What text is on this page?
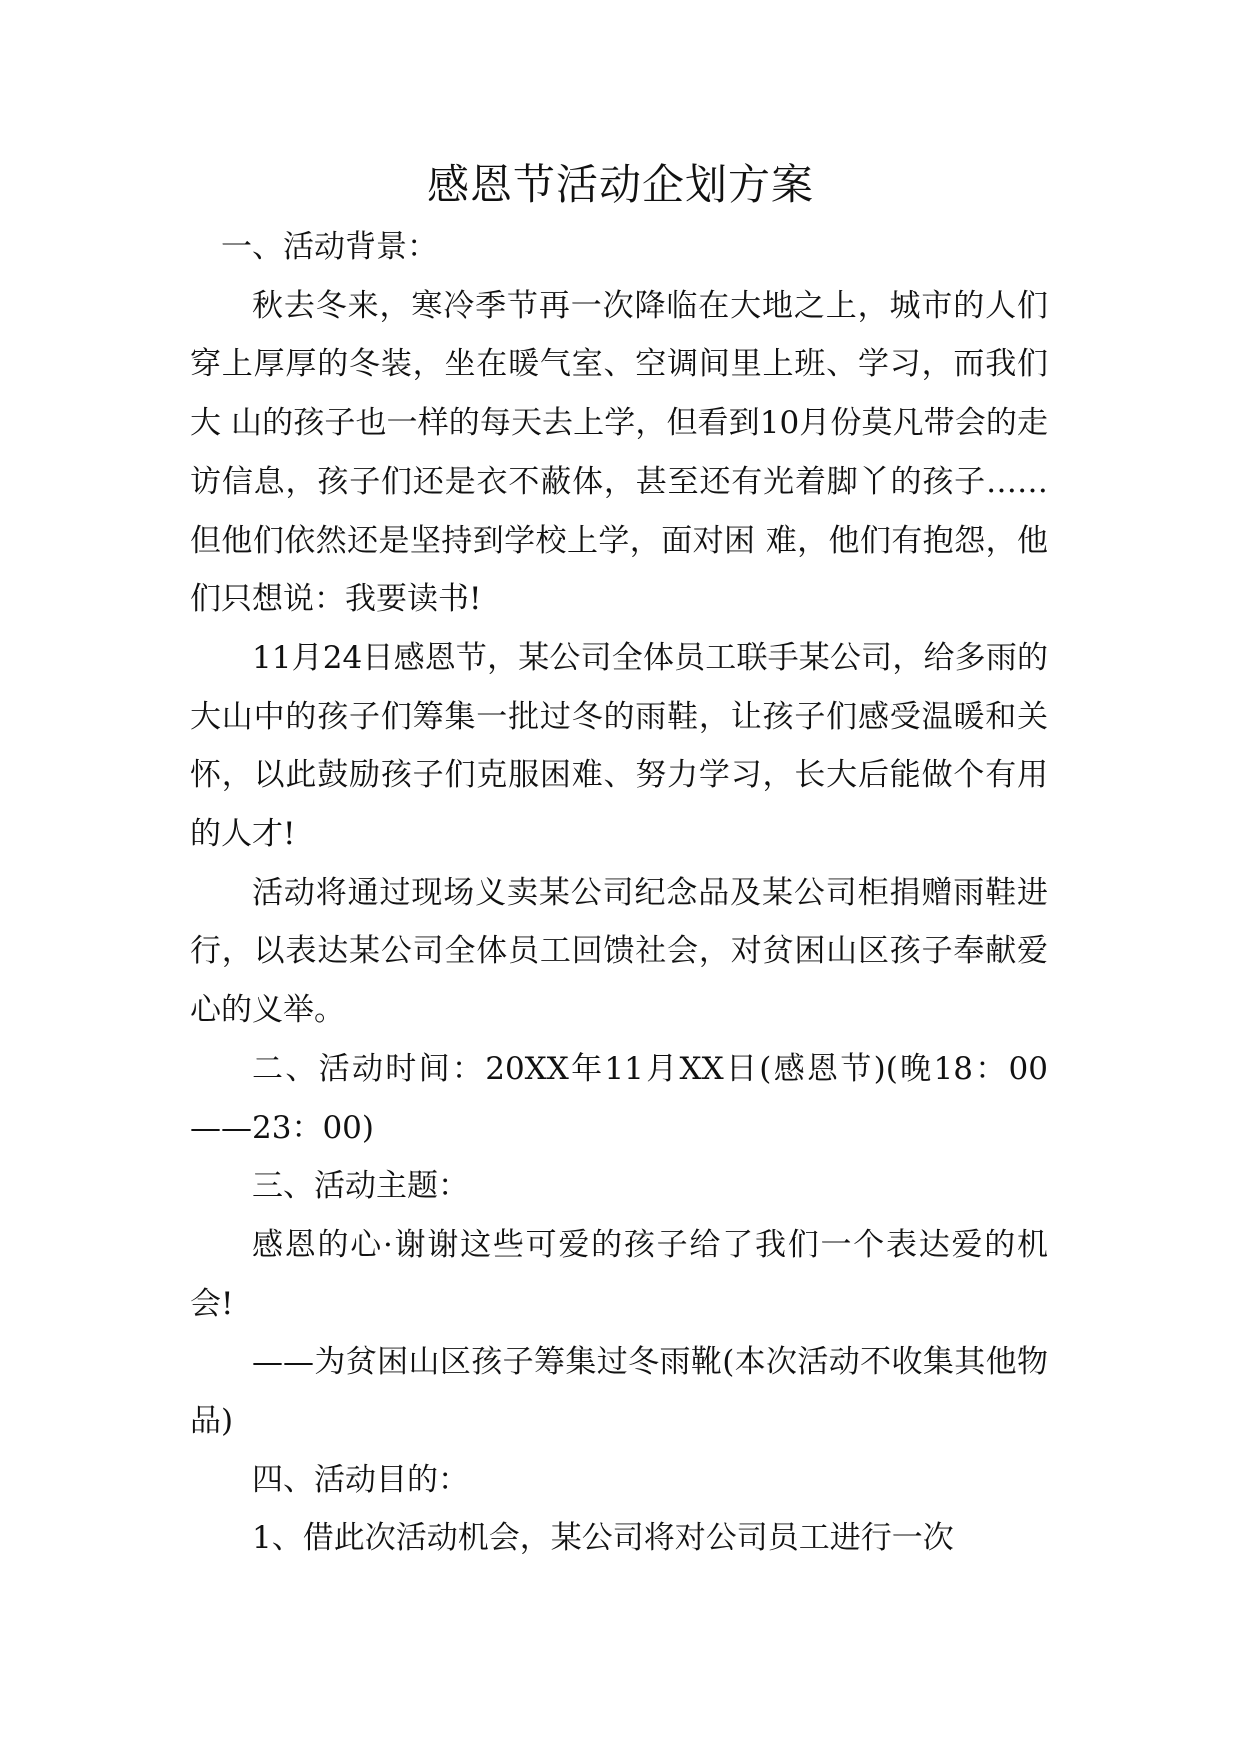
感恩节活动企划方案

一、活动背景：

秋去冬来，寒冷季节再一次降临在大地之上，城市的人们穿上厚厚的冬装，坐在暖气室、空调间里上班、学习，而我们大 山的孩子也一样的每天去上学，但看到10月份莫凡带会的走访信息，孩子们还是衣不蔽体，甚至还有光着脚丫的孩子……但他们依然还是坚持到学校上学，面对困 难，他们有抱怨，他们只想说：我要读书!

11月24日感恩节，某公司全体员工联手某公司，给多雨的大山中的孩子们筹集一批过冬的雨鞋，让孩子们感受温暖和关怀，以此鼓励孩子们克服困难、努力学习，长大后能做个有用的人才!

活动将通过现场义卖某公司纪念品及某公司柜捐赠雨鞋进行，以表达某公司全体员工回馈社会，对贫困山区孩子奉献爱心的义举。

二、活动时间：20XX年11月XX日(感恩节)(晚18：00——23：00)

三、活动主题：

感恩的心·谢谢这些可爱的孩子给了我们一个表达爱的机会!

——为贫困山区孩子筹集过冬雨靴(本次活动不收集其他物品)

四、活动目的：

1、借此次活动机会，某公司将对公司员工进行一次
